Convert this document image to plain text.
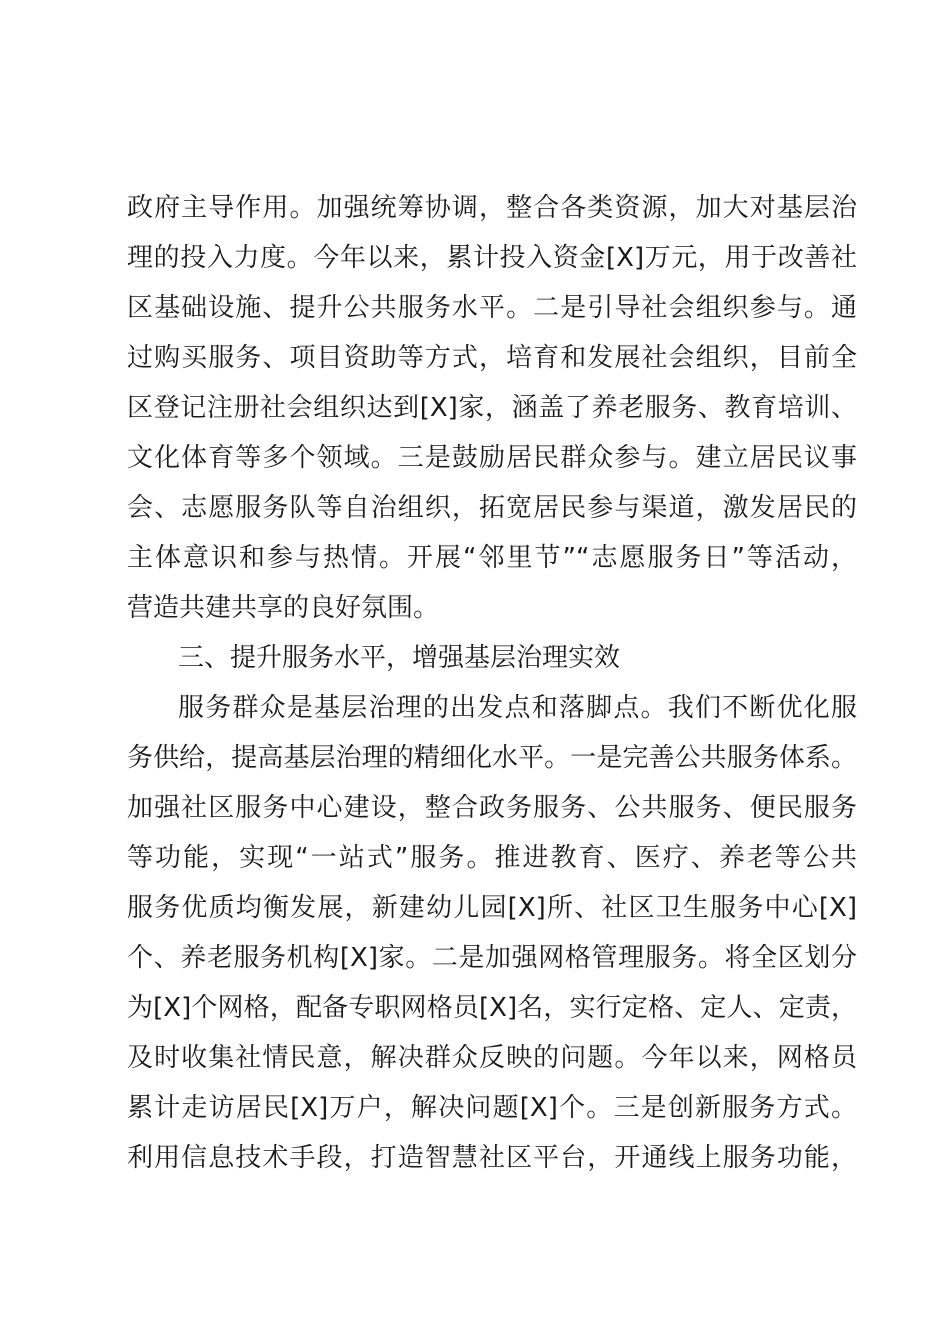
政府主导作用。加强统筹协调，整合各类资源，加大对基层治
理的投入力度。今年以来，累计投入资金[X]万元，用于改善社
区基础设施、提升公共服务水平。二是引导社会组织参与。通
过购买服务、项目资助等方式，培育和发展社会组织，目前全
区登记注册社会组织达到[X]家，涵盖了养老服务、教育培训、
文化体育等多个领域。三是鼓励居民群众参与。建立居民议事
会、志愿服务队等自治组织，拓宽居民参与渠道，激发居民的
主体意识和参与热情。开展“邻里节”“志愿服务日”等活动，
营造共建共享的良好氛围。
三、提升服务水平，增强基层治理实效
服务群众是基层治理的出发点和落脚点。我们不断优化服
务供给，提高基层治理的精细化水平。一是完善公共服务体系。
加强社区服务中心建设，整合政务服务、公共服务、便民服务
等功能，实现“一站式”服务。推进教育、医疗、养老等公共
服务优质均衡发展，新建幼儿园[X]所、社区卫生服务中心[X]
个、养老服务机构[X]家。二是加强网格管理服务。将全区划分
为[X]个网格，配备专职网格员[X]名，实行定格、定人、定责，
及时收集社情民意，解决群众反映的问题。今年以来，网格员
累计走访居民[X]万户，解决问题[X]个。三是创新服务方式。
利用信息技术手段，打造智慧社区平台，开通线上服务功能，
